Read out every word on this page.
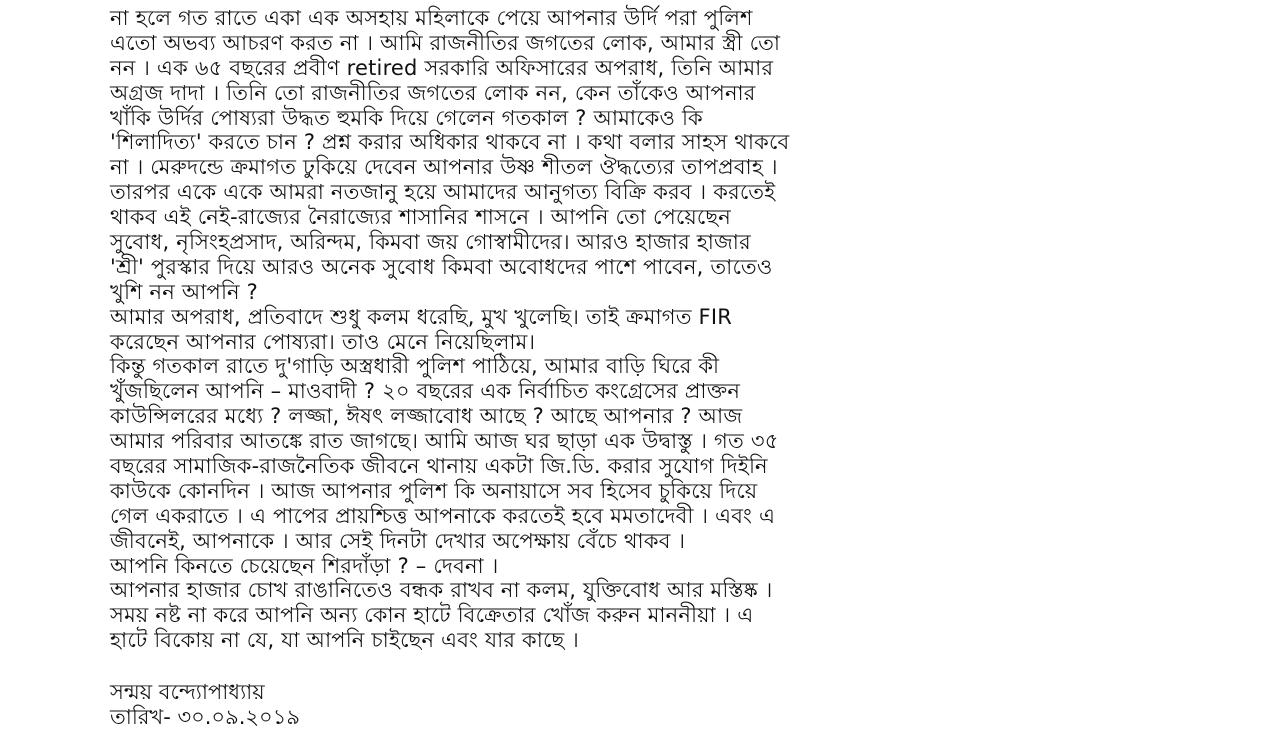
না হলে গত রাতে একা এক অসহায় মহিলাকে পেয়ে আপনার উর্দি পরা পুলিশ
এতো অভব্য আচরণ করত না । আমি রাজনীতির জগতের লোক, আমার স্ত্রী তো
নন । এক ৬৫ বছরের প্রবীণ retired সরকারি অফিসারের অপরাধ, তিনি আমার
অগ্রজ দাদা । তিনি তো রাজনীতির জগতের লোক নন, কেন তাঁকেও আপনার
খাঁকি উর্দির পোষ্যরা উদ্ধত হুমকি দিয়ে গেলেন গতকাল ? আমাকেও কি
'শিলাদিত্য' করতে চান ? প্রশ্ন করার অধিকার থাকবে না । কথা বলার সাহস থাকবে
না । মেরুদন্ডে ক্রমাগত ঢুকিয়ে দেবেন আপনার উষ্ণ শীতল ঔদ্ধত্যের তাপপ্রবাহ ।
তারপর একে একে আমরা নতজানু হয়ে আমাদের আনুগত্য বিক্রি করব । করতেই
থাকব এই নেই-রাজ্যের নৈরাজ্যের শাসানির শাসনে । আপনি তো পেয়েছেন
সুবোধ, নৃসিংহপ্রসাদ, অরিন্দম, কিমবা জয় গোস্বামীদের। আরও হাজার হাজার
'শ্রী' পুরস্কার দিয়ে আরও অনেক সুবোধ কিমবা অবোধদের পাশে পাবেন, তাতেও
খুশি নন আপনি ?
আমার অপরাধ, প্রতিবাদে শুধু কলম ধরেছি, মুখ খুলেছি। তাই ক্রমাগত FIR
করেছেন আপনার পোষ্যরা। তাও মেনে নিয়েছিলাম।
কিন্তু গতকাল রাতে দু'গাড়ি অস্ত্রধারী পুলিশ পাঠিয়ে, আমার বাড়ি ঘিরে কী
খুঁজছিলেন আপনি – মাওবাদী ? ২০ বছরের এক নির্বাচিত কংগ্রেসের প্রাক্তন
কাউন্সিলরের মধ্যে ? লজ্জা, ঈষৎ লজ্জাবোধ আছে ? আছে আপনার ? আজ
আমার পরিবার আতঙ্কে রাত জাগছে। আমি আজ ঘর ছাড়া এক উদ্বাস্তু । গত ৩৫
বছরের সামাজিক-রাজনৈতিক জীবনে থানায় একটা জি.ডি. করার সুযোগ দিইনি
কাউকে কোনদিন । আজ আপনার পুলিশ কি অনায়াসে সব হিসেব চুকিয়ে দিয়ে
গেল একরাতে । এ পাপের প্রায়শ্চিত্ত আপনাকে করতেই হবে মমতাদেবী । এবং এ
জীবনেই, আপনাকে । আর সেই দিনটা দেখার অপেক্ষায় বেঁচে থাকব ।
আপনি কিনতে চেয়েছেন শিরদাঁড়া ? – দেবনা ।
আপনার হাজার চোখ রাঙানিতেও বন্ধক রাখব না কলম, যুক্তিবোধ আর মস্তিষ্ক ।
সময় নষ্ট না করে আপনি অন্য কোন হাটে বিক্রেতার খোঁজ করুন মাননীয়া । এ
হাটে বিকোয় না যে, যা আপনি চাইছেন এবং যার কাছে ।
সন্ময় বন্দ্যোপাধ্যায়
তারিখ- ৩০.০৯.২০১৯
